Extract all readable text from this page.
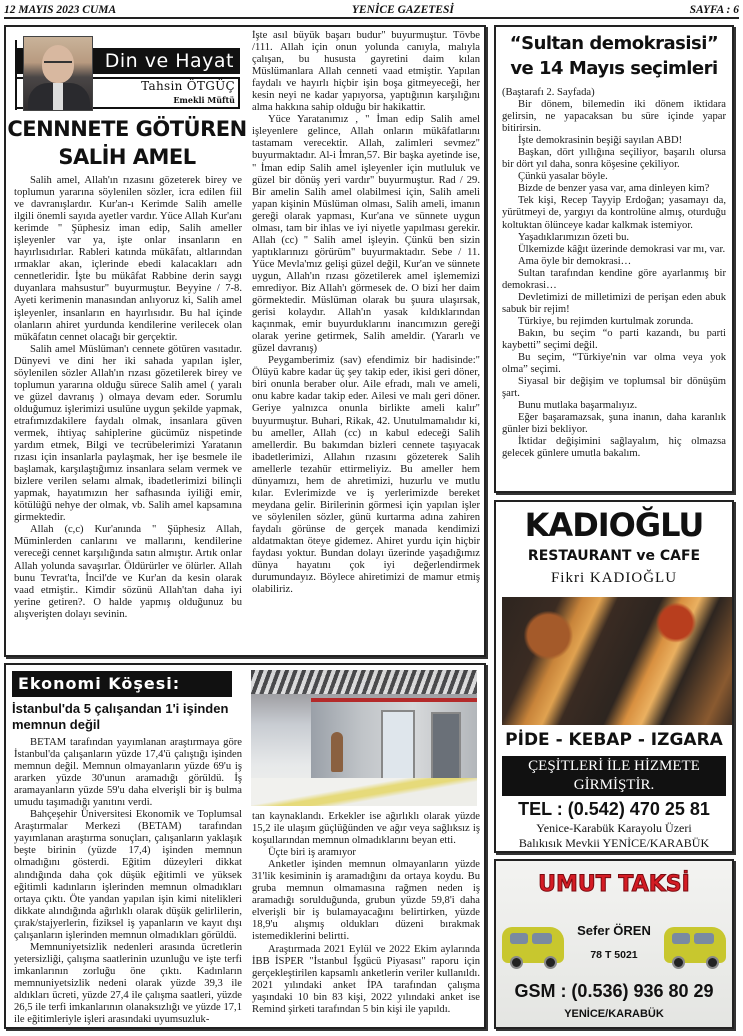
12 MAYIS 2023 CUMA	YENİCE GAZETESİ	SAYFA : 6
Din ve Hayat
Tahsin ÖTGÜÇ
Emekli Müftü
CENNNETE GÖTÜREN
SALİH AMEL

Salih amel, Allah'ın rızasını gözeterek birey ve toplumun yararına söylenilen sözler, icra edilen fiil ve davranışlardır. Kur'an-ı Kerimde Salih amelle ilgili önemli sayıda ayetler vardır. Yüce Allah Kur'anı kerimde " Şüphesiz iman edip, Salih ameller işleyenler var ya, işte onlar insanların en hayırlısıdırlar. Rableri katında mükâfatı, altlarından ırmaklar akan, içlerinde ebedi kalacakları adn cennetleridir. İşte bu mükâfat Rabbine derin saygı duyanlara mahsustur" buyurmuştur. Beyyine / 7-8. Ayeti kerimenin manasından anlıyoruz ki, Salih amel işleyenler, insanların en hayırlısıdır. Bu hal içinde olanların ahiret yurdunda kendilerine verilecek olan mükâfatın cennet olacağı bir gerçektir.

Salih amel Müslüman'ı cennete götüren vasıtadır. Dünyevi ve dini her iki sahada yapılan işler, söylenilen sözler Allah'ın rızası gözetilerek birey ve toplumun yararına olduğu sürece Salih amel ( yaralı ve güzel davranış ) olmaya devam eder. Sorumlu olduğumuz işlerimizi usulüne uygun şekilde yapmak, etrafımızdakilere faydalı olmak, insanlara güven vermek, ihtiyaç sahiplerine gücümüz nispetinde yardım etmek, Bilgi ve tecrübelerimizi Yaratanın rızası için insanlarla paylaşmak, her işe besmele ile başlamak, karşılaştığımız insanlara selam vermek ve bizlere verilen selamı almak, ibadetlerimizi bilinçli yapmak, hayatımızın her safhasında iyiliği emir, kötülüğü nehye der olmak, vb. Salih amel kapsamına girmektedir.

Allah (c,c) Kur'anında " Şüphesiz Allah, Müminlerden canlarını ve mallarını, kendilerine vereceği cennet karşılığında satın almıştır. Artık onlar Allah yolunda savaşırlar. Öldürürler ve ölürler. Allah bunu Tevrat'ta, İncil'de ve Kur'an da kesin olarak vaad etmiştir.. Kimdir sözünü Allah'tan daha iyi yerine getiren?. O halde yapmış olduğunuz bu alışverişten dolayı sevinin.

İşte asıl büyük başarı budur" buyurmuştur. Tövbe /111. Allah için onun yolunda canıyla, malıyla çalışan, bu hususta gayretini daim kılan Müslümanlara Allah cenneti vaad etmiştir. Yapılan faydalı ve hayırlı hiçbir işin boşa gitmeyeceği, her kesin neyi ne kadar yapıyorsa, yaptığının karşılığını alma hakkına sahip olduğu bir hakikattir.

Yüce Yaratanımız , " İman edip Salih amel işleyenlere gelince, Allah onların mükâfatlarını tastamam verecektir. Allah, zalimleri sevmez" buyurmaktadır. Al-i İmran,57. Bir başka ayetinde ise, " İman edip Salih amel işleyenler için mutluluk ve güzel bir dönüş yeri vardır" buyurmuştur. Rad / 29. Bir amelin Salih amel olabilmesi için, Salih ameli yapan kişinin Müslüman olması, Salih ameli, imanın gereği olarak yapması, Kur'ana ve sünnete uygun olması, tam bir ihlas ve iyi niyetle yapılması gerekir. Allah (cc) " Salih amel işleyin. Çünkü ben sizin yaptıklarınızı görürüm" buyurmaktadır. Sebe / 11. Yüce Mevla'mız gelişi güzel değil, Kur'an ve sünnete uygun, Allah'ın rızası gözetilerek amel işlememizi emrediyor. Biz Allah'ı görmesek de. O bizi her daim görmektedir. Müslüman olarak bu şuura ulaşırsak, gerisi kolaydır. Allah'ın yasak kıldıklarından kaçınmak, emir buyurduklarını inancımızın gereği olarak yerine getirmek, Salih ameldir. (Yararlı ve güzel davranış)

Peygamberimiz (sav) efendimiz bir hadisinde:" Ölüyü kabre kadar üç şey takip eder, ikisi geri döner, biri onunla beraber olur. Aile efradı, malı ve ameli, onu kabre kadar takip eder. Ailesi ve malı geri döner. Geriye yalnızca onunla birlikte ameli kalır" buyurmuştur. Buhari, Rikak, 42. Unutulmamalıdır ki, bu ameller, Allah (cc) ın kabul edeceği Salih amellerdir. Bu bakımdan bizleri cennete taşıyacak ibadetlerimizi, Allahın rızasını gözeterek Salih amellerle tezahür ettirmeliyiz. Bu ameller hem dünyamızı, hem de ahretimizi, huzurlu ve mutlu kılar. Evlerimizde ve iş yerlerimizde bereket meydana gelir. Birilerinin görmesi için yapılan işler ve söylenilen sözler, günü kurtarma adına zahiren faydalı görünse de gerçek manada kendimizi aldatmaktan öteye gidemez. Ahiret yurdu için hiçbir faydası yoktur. Bundan dolayı üzerinde yaşadığımız dünya hayatını çok iyi değerlendirmek durumundayız. Böylece ahiretimizi de mamur etmiş olabiliriz.

“Sultan demokrasisi”
ve 14 Mayıs seçimleri

(Baştarafı 2. Sayfada)

Bir dönem, bilemedin iki dönem iktidara gelirsin, ne yapacaksan bu süre içinde yapar bitirirsin.

İşte demokrasinin beşiği sayılan ABD!

Başkan, dört yıllığına seçiliyor, başarılı olursa bir dört yıl daha, sonra köşesine çekiliyor.

Çünkü yasalar böyle.

Bizde de benzer yasa var, ama dinleyen kim?

Tek kişi, Recep Tayyip Erdoğan; yasamayı da, yürütmeyi de, yargıyı da kontrolüne almış, oturduğu koltuktan ölünceye kadar kalkmak istemiyor.

Yaşadıklarımızın özeti bu.

Ülkemizde kâğıt üzerinde demokrasi var mı, var.

Ama öyle bir demokrasi…

Sultan tarafından kendine göre ayarlanmış bir demokrasi…

Devletimizi de milletimizi de perişan eden abuk sabuk bir rejim!

Türkiye, bu rejimden kurtulmak zorunda.

Bakın, bu seçim “o parti kazandı, bu parti kaybetti” seçimi değil.

Bu seçim, “Türkiye'nin var olma veya yok olma” seçimi.

Siyasal bir değişim ve toplumsal bir dönüşüm şart.

Bunu mutlaka başarmalıyız.

Eğer başaramazsak, şuna inanın, daha karanlık günler bizi bekliyor.

İktidar değişimini sağlayalım, hiç olmazsa gelecek günlere umutla bakalım.

KADIOĞLU
RESTAURANT ve CAFE
Fikri KADIOĞLU
PİDE - KEBAP - IZGARA
ÇEŞİTLERİ İLE HİZMETE
GİRMİŞTİR.
TEL : (0.542) 470 25 81
Yenice-Karabük Karayolu Üzeri
Balıkısık Mevkii YENİCE/KARABÜK
UMUT TAKSİ
Sefer ÖREN
78 T 5021
GSM : (0.536) 936 80 29
YENİCE/KARABÜK
Ekonomi Köşesi:
İstanbul'da 5 çalışandan 1'i işinden memnun değil

BETAM tarafından yayımlanan araştırmaya göre İstanbul'da çalışanların yüzde 17,4'ü çalıştığı işinden memnun değil. Memnun olmayanların yüzde 69'u iş ararken yüzde 30'unun aramadığı görüldü. İş aramayanların yüzde 59'u daha elverişli bir iş bulma umudu taşımadığı yanıtını verdi.

Bahçeşehir Üniversitesi Ekonomik ve Toplumsal Araştırmalar Merkezi (BETAM) tarafından yayımlanan araştırma sonuçları, çalışanların yaklaşık beşte birinin (yüzde 17,4) işinden memnun olmadığını gösterdi. Eğitim düzeyleri dikkat alındığında daha çok düşük eğitimli ve yüksek eğitimli kadınların işlerinden memnun olmadıkları ortaya çıktı. Öte yandan yapılan işin kimi nitelikleri dikkate alındığında ağırlıklı olarak düşük gelirlilerin, çırak/stajyerlerin, fiziksel iş yapanların ve kayıt dışı çalışanların işlerinden memnun olmadıkları görüldü.

Memnuniyetsizlik nedenleri arasında ücretlerin yetersizliği, çalışma saatlerinin uzunluğu ve işte terfi imkanlarının zorluğu öne çıktı. Kadınların memnuniyetsizlik nedeni olarak yüzde 39,3 ile aldıkları ücreti, yüzde 27,4 ile çalışma saatleri, yüzde 26,5 ile terfi imkanlarının olanaksızlığı ve yüzde 17,1 ile eğitimleriyle işleri arasındaki uyumsuzluk-

tan kaynaklandı. Erkekler ise ağırlıklı olarak yüzde 15,2 ile ulaşım güçlüğünden ve ağır veya sağlıksız iş koşullarından memnun olmadıklarını beyan etti.

Üçte biri iş aramıyor

Anketler işinden memnun olmayanların yüzde 31'lik kesiminin iş aramadığını da ortaya koydu. Bu gruba memnun olmamasına rağmen neden iş aramadığı sorulduğunda, grubun yüzde 59,8'i daha elverişli bir iş bulamayacağını belirtirken, yüzde 18,9'u alışmış oldukları düzeni bırakmak istemediklerini belirtti.

Araştırmada 2021 Eylül ve 2022 Ekim aylarında İBB İSPER "İstanbul İşgücü Piyasası" raporu için gerçekleştirilen kapsamlı anketlerin veriler kullanıldı. 2021 yılındaki anket İPA tarafından çalışma yaşındaki 10 bin 83 kişi, 2022 yılındaki anket ise Remind şirketi tarafından 5 bin kişi ile yapıldı.
